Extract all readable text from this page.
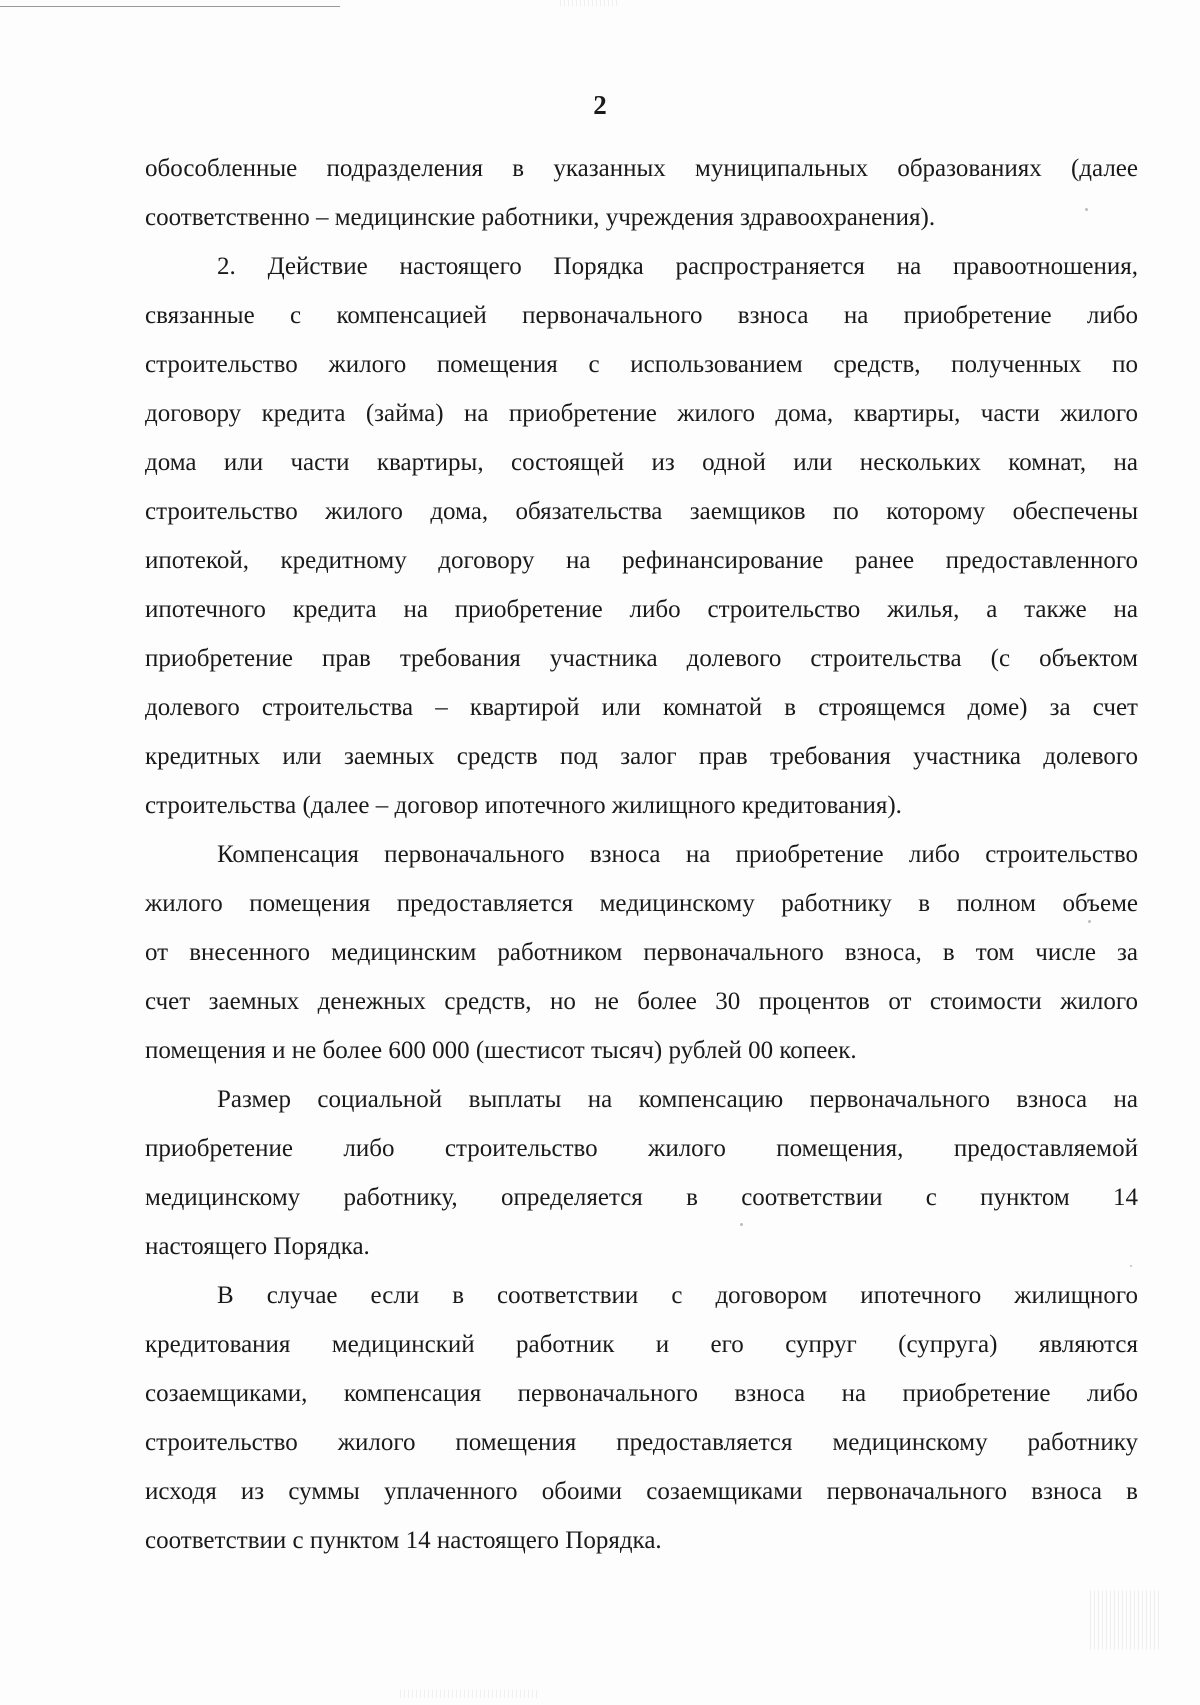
2
обособленные подразделения в указанных муниципальных образованиях (далее
соответственно – медицинские работники, учреждения здравоохранения).
2. Действие настоящего Порядка распространяется на правоотношения,
связанные с компенсацией первоначального взноса на приобретение либо
строительство жилого помещения с использованием средств, полученных по
договору кредита (займа) на приобретение жилого дома, квартиры, части жилого
дома или части квартиры, состоящей из одной или нескольких комнат, на
строительство жилого дома, обязательства заемщиков по которому обеспечены
ипотекой, кредитному договору на рефинансирование ранее предоставленного
ипотечного кредита на приобретение либо строительство жилья, а также на
приобретение прав требования участника долевого строительства (с объектом
долевого строительства – квартирой или комнатой в строящемся доме) за счет
кредитных или заемных средств под залог прав требования участника долевого
строительства (далее – договор ипотечного жилищного кредитования).
Компенсация первоначального взноса на приобретение либо строительство
жилого помещения предоставляется медицинскому работнику в полном объеме
от внесенного медицинским работником первоначального взноса, в том числе за
счет заемных денежных средств, но не более 30 процентов от стоимости жилого
помещения и не более 600 000 (шестисот тысяч) рублей 00 копеек.
Размер социальной выплаты на компенсацию первоначального взноса на
приобретение либо строительство жилого помещения, предоставляемой
медицинскому работнику, определяется в соответствии с пунктом 14
настоящего Порядка.
В случае если в соответствии с договором ипотечного жилищного
кредитования медицинский работник и его супруг (супруга) являются
созаемщиками, компенсация первоначального взноса на приобретение либо
строительство жилого помещения предоставляется медицинскому работнику
исходя из суммы уплаченного обоими созаемщиками первоначального взноса в
соответствии с пунктом 14 настоящего Порядка.
